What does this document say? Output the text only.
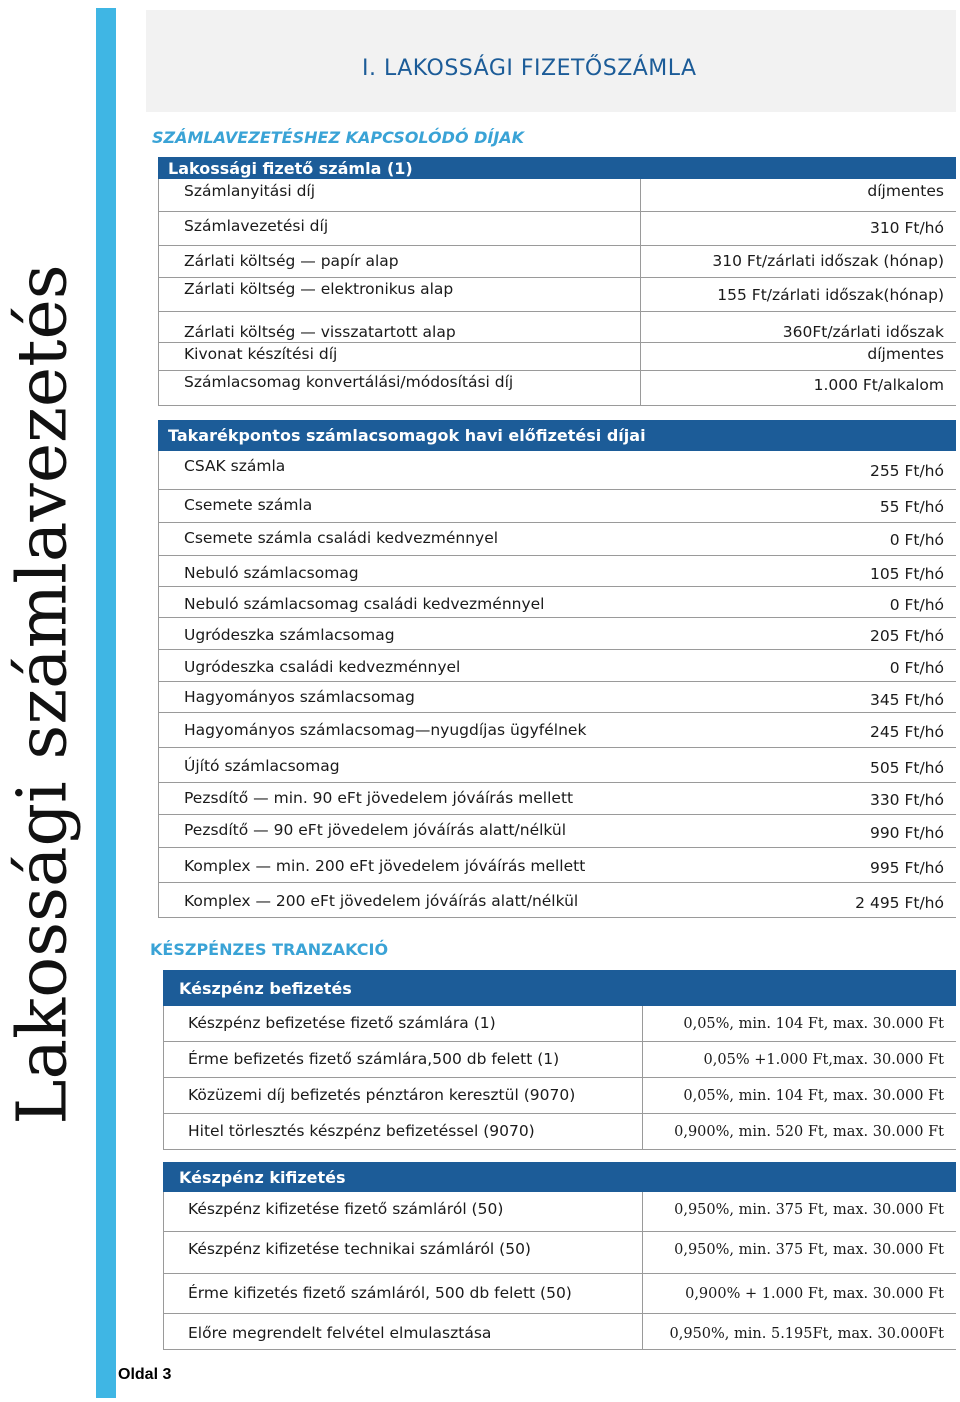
Lakossági számlavezetés
Oldal 3
I. LAKOSSÁGI FIZETŐSZÁMLA
SZÁMLAVEZETÉSHEZ KAPCSOLÓDÓ DÍJAK
Lakossági fizető számla (1)
Számlanyitási díj	díjmentes
Számlavezetési díj	310 Ft/hó
Zárlati költség — papír alap	310 Ft/zárlati időszak (hónap)
Zárlati költség — elektronikus alap	155 Ft/zárlati időszak(hónap)
Zárlati költség — visszatartott alap	360Ft/zárlati időszak
Kivonat készítési díj	díjmentes
Számlacsomag konvertálási/módosítási díj	1.000 Ft/alkalom
Takarékpontos számlacsomagok havi előfizetési díjai
CSAK számla	255 Ft/hó
Csemete számla	55 Ft/hó
Csemete számla családi kedvezménnyel	0 Ft/hó
Nebuló számlacsomag	105 Ft/hó
Nebuló számlacsomag családi kedvezménnyel	0 Ft/hó
Ugródeszka számlacsomag	205 Ft/hó
Ugródeszka családi kedvezménnyel	0 Ft/hó
Hagyományos számlacsomag	345 Ft/hó
Hagyományos számlacsomag—nyugdíjas ügyfélnek	245 Ft/hó
Újító számlacsomag	505 Ft/hó
Pezsdítő — min. 90 eFt jövedelem jóváírás mellett	330 Ft/hó
Pezsdítő — 90 eFt jövedelem jóváírás alatt/nélkül	990 Ft/hó
Komplex — min. 200 eFt jövedelem jóváírás mellett	995 Ft/hó
Komplex — 200 eFt jövedelem jóváírás alatt/nélkül	2 495 Ft/hó
KÉSZPÉNZES TRANZAKCIÓ
Készpénz befizetés
Készpénz befizetése fizető számlára (1)	0,05%, min. 104 Ft, max. 30.000 Ft
Érme befizetés fizető számlára,500 db felett (1)	0,05% +1.000 Ft,max. 30.000 Ft
Közüzemi díj befizetés pénztáron keresztül (9070)	0,05%, min. 104 Ft, max. 30.000 Ft
Hitel törlesztés készpénz befizetéssel (9070)	0,900%, min. 520 Ft, max. 30.000 Ft
Készpénz kifizetés
Készpénz kifizetése fizető számláról (50)	0,950%, min. 375 Ft, max. 30.000 Ft
Készpénz kifizetése technikai számláról (50)	0,950%, min. 375 Ft, max. 30.000 Ft
Érme kifizetés fizető számláról, 500 db felett (50)	0,900% + 1.000 Ft, max. 30.000 Ft
Előre megrendelt felvétel elmulasztása	0,950%, min. 5.195Ft, max. 30.000Ft
